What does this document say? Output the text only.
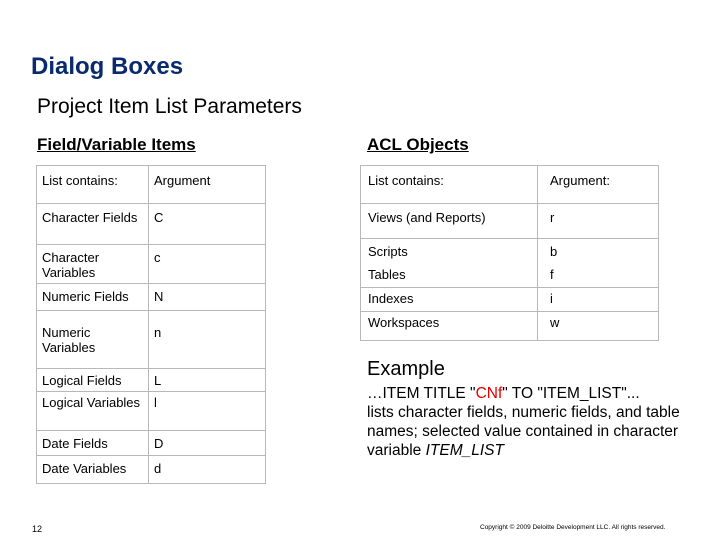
Dialog Boxes
Project Item List Parameters
Field/Variable Items	ACL Objects
List contains:	Argument
Character Fields	C
Character Variables	c
Numeric Fields	N
Numeric Variables	n
Logical Fields	L
Logical Variables	l
Date Fields	D
Date Variables	d
List contains:	Argument:
Views (and Reports)	r
Scripts	b
Tables	f
Indexes	i
Workspaces	w
Example
…ITEM TITLE "CNf" TO "ITEM_LIST"...
lists character fields, numeric fields, and table names; selected value contained in character variable ITEM_LIST
12	Copyright © 2009 Deloitte Development LLC. All rights reserved.
